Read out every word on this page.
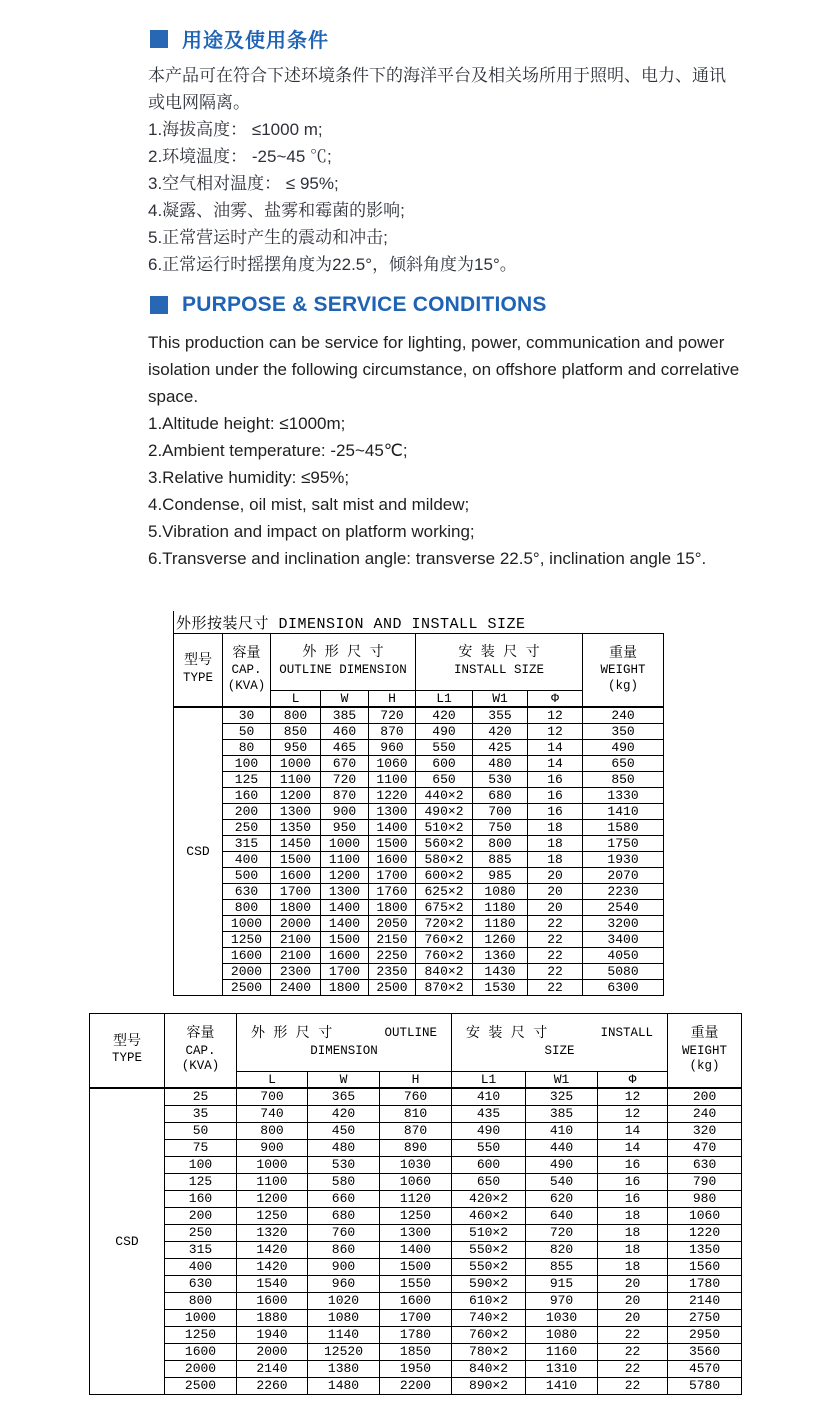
用途及使用条件

本产品可在符合下述环境条件下的海洋平台及相关场所用于照明、电力、通讯或电网隔离。

1.海拔高度： ≤1000 m;
2.环境温度： -25~45 ℃;
3.空气相对温度： ≤ 95%;
4.凝露、油雾、盐雾和霉菌的影响;
5.正常营运时产生的震动和冲击;
6.正常运行时摇摆角度为22.5°，倾斜角度为15°。
PURPOSE & SERVICE CONDITIONS

This production can be service for lighting, power, communication and power isolation under the following circumstance, on offshore platform and correlative space.

1.Altitude height: ≤1000m;
2.Ambient temperature: -25~45℃;
3.Relative humidity: ≤95%;
4.Condense, oil mist, salt mist and mildew;
5.Vibration and impact on platform working;
6.Transverse and inclination angle: transverse 22.5°, inclination angle 15°.
外形按装尺寸 DIMENSION AND INSTALL SIZE
型号
TYPE	容量
CAP.
(KVA)	外 形 尺 寸
OUTLINE DIMENSION			安 装 尺 寸
INSTALL SIZE			重量
WEIGHT
(kg)

		L	W	H	L1	W1	Φ	
CSD	30	800	385	720	420	355	12	240
	50	850	460	870	490	420	12	350
	80	950	465	960	550	425	14	490
	100	1000	670	1060	600	480	14	650
	125	1100	720	1100	650	530	16	850
	160	1200	870	1220	440×2	680	16	1330
	200	1300	900	1300	490×2	700	16	1410
	250	1350	950	1400	510×2	750	18	1580
	315	1450	1000	1500	560×2	800	18	1750
	400	1500	1100	1600	580×2	885	18	1930
	500	1600	1200	1700	600×2	985	20	2070
	630	1700	1300	1760	625×2	1080	20	2230
	800	1800	1400	1800	675×2	1180	20	2540
	1000	2000	1400	2050	720×2	1180	22	3200
	1250	2100	1500	2150	760×2	1260	22	3400
	1600	2100	1600	2250	760×2	1360	22	4050
	2000	2300	1700	2350	840×2	1430	22	5080
	2500	2400	1800	2500	870×2	1530	22	6300
型号
TYPE	容量
CAP.
(KVA)	外 形 尺 寸 OUTLINE
DIMENSION			安 装 尺 寸 INSTALL
SIZE			重量
WEIGHT
(kg)

		L	W	H	L1	W1	Φ	
CSD	25	700	365	760	410	325	12	200
	35	740	420	810	435	385	12	240
	50	800	450	870	490	410	14	320
	75	900	480	890	550	440	14	470
	100	1000	530	1030	600	490	16	630
	125	1100	580	1060	650	540	16	790
	160	1200	660	1120	420×2	620	16	980
	200	1250	680	1250	460×2	640	18	1060
	250	1320	760	1300	510×2	720	18	1220
	315	1420	860	1400	550×2	820	18	1350
	400	1420	900	1500	550×2	855	18	1560
	630	1540	960	1550	590×2	915	20	1780
	800	1600	1020	1600	610×2	970	20	2140
	1000	1880	1080	1700	740×2	1030	20	2750
	1250	1940	1140	1780	760×2	1080	22	2950
	1600	2000	12520	1850	780×2	1160	22	3560
	2000	2140	1380	1950	840×2	1310	22	4570
	2500	2260	1480	2200	890×2	1410	22	5780
